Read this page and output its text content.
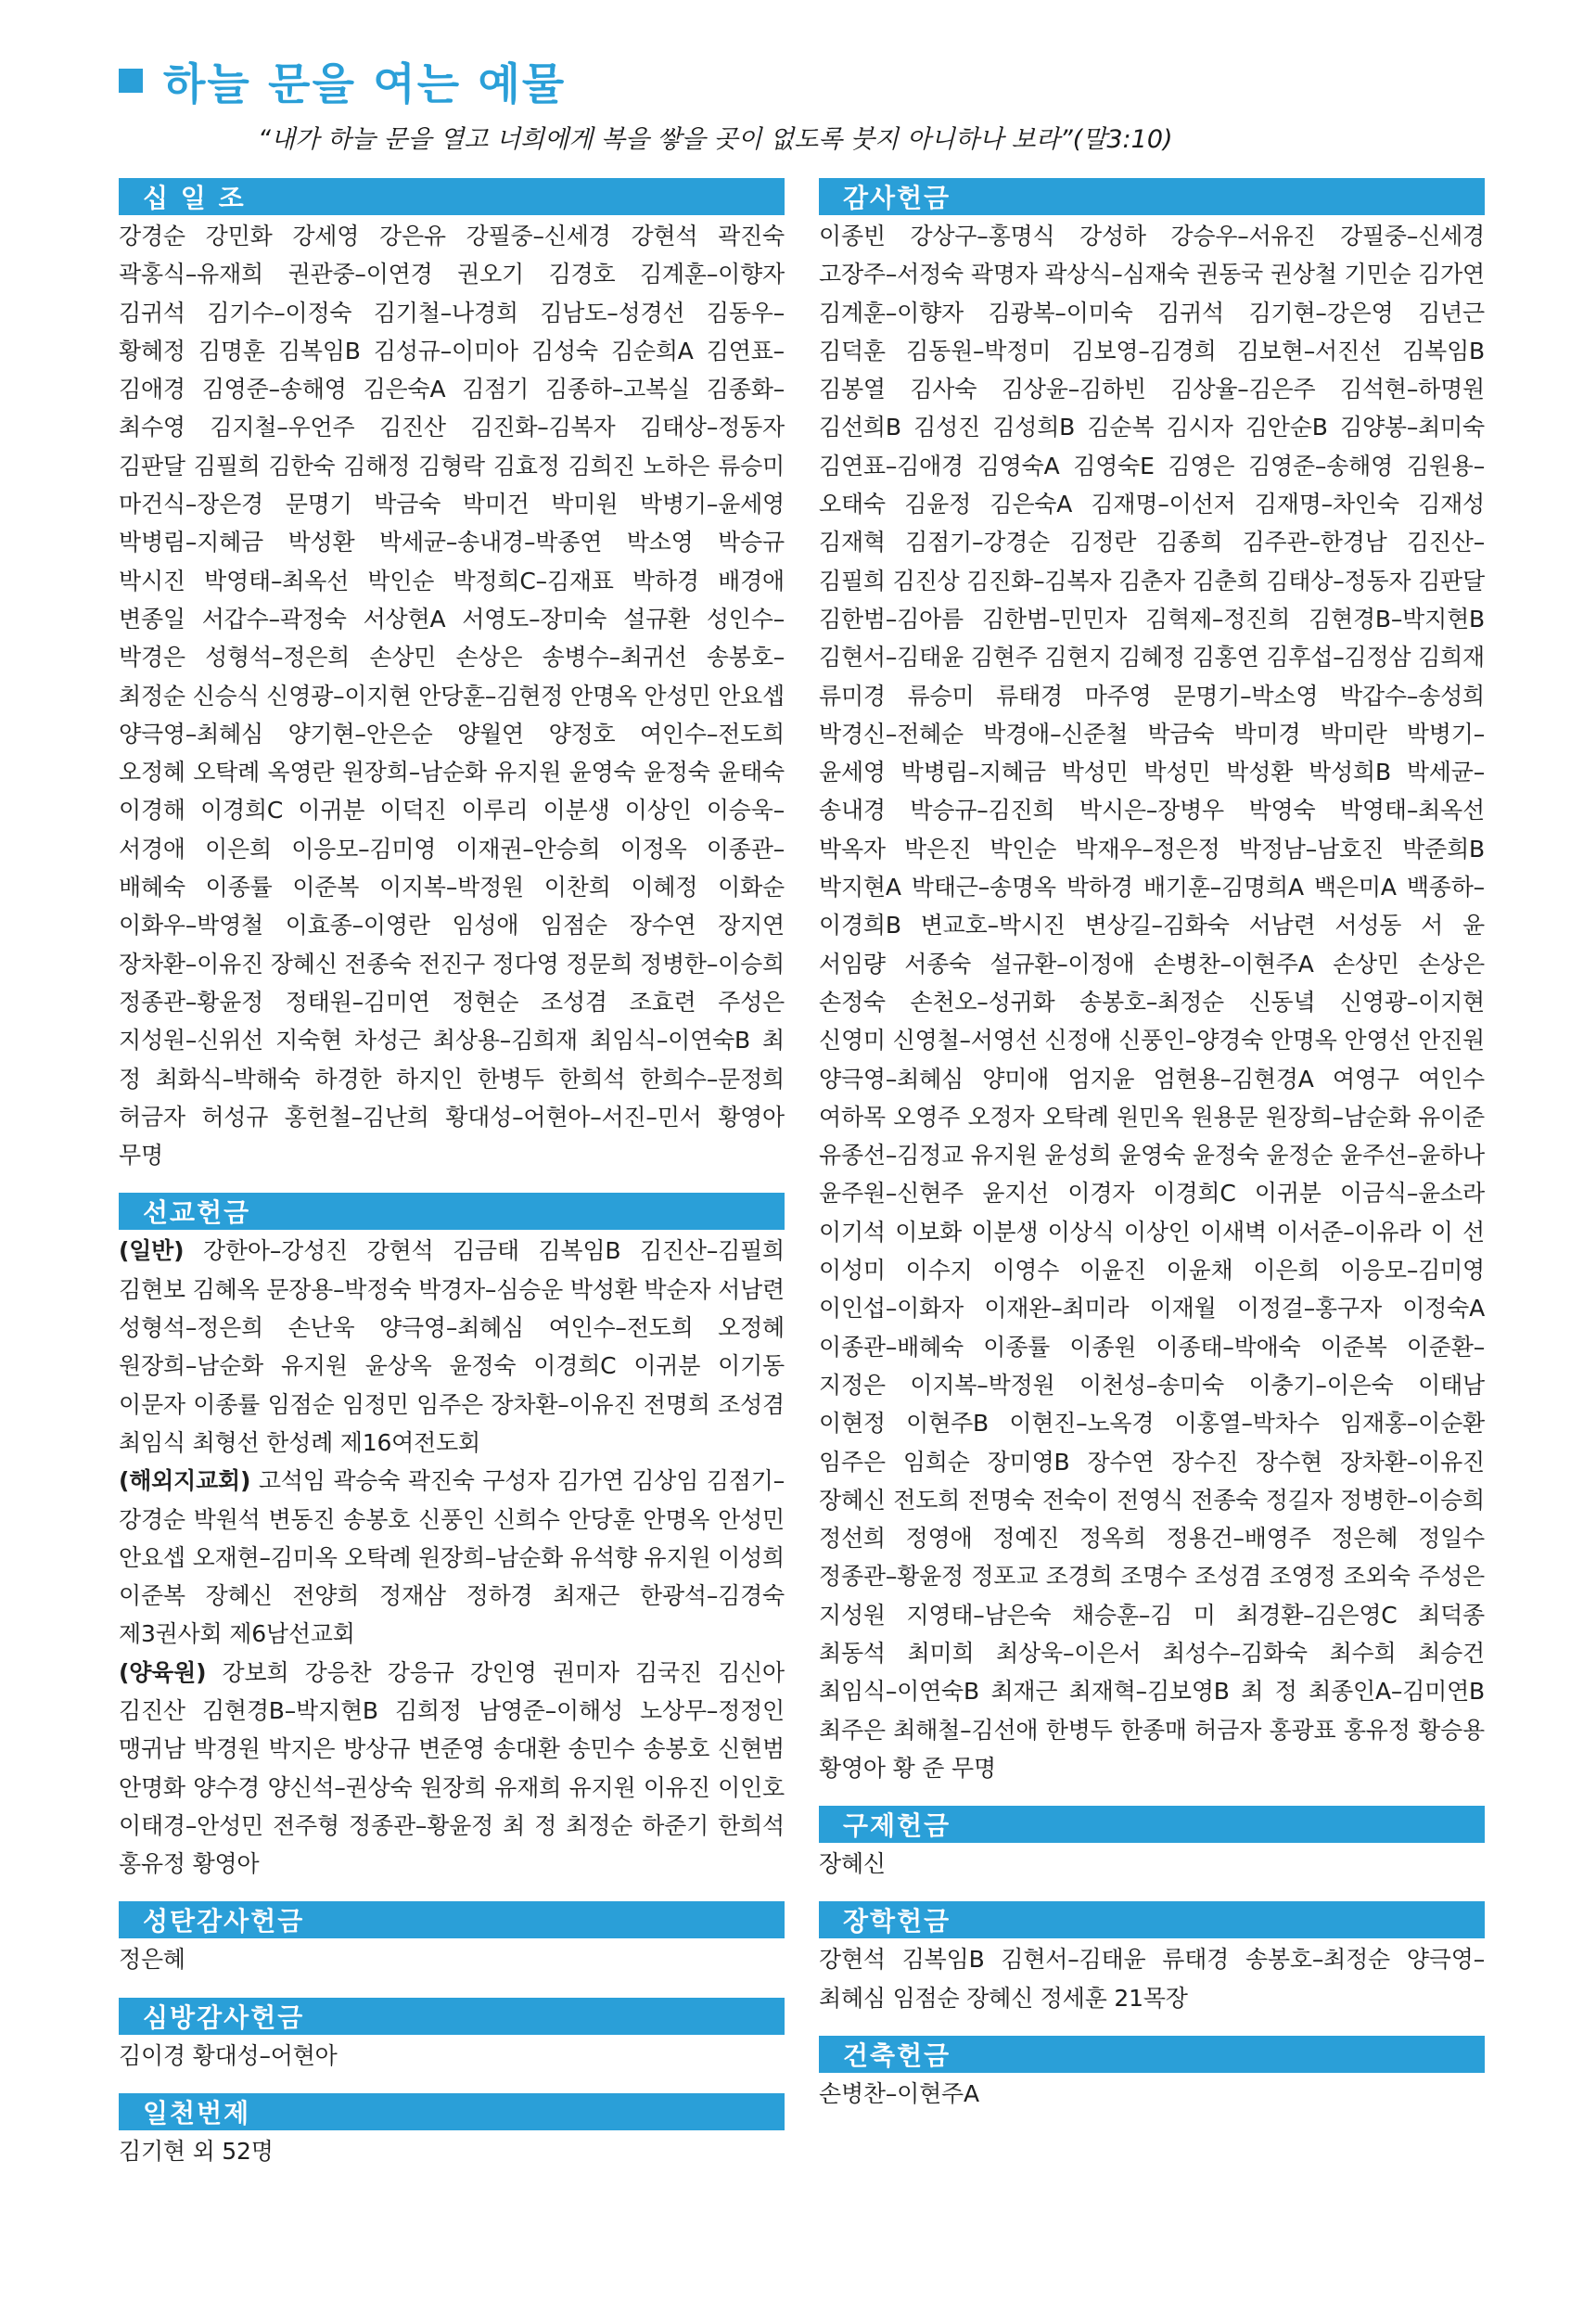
하늘 문을 여는 예물
“내가 하늘 문을 열고 너희에게 복을 쌓을 곳이 없도록 붓지 아니하나 보라”(말3:10)
십 일 조
강경순 강민화 강세영 강은유 강필중–신세경 강현석 곽진숙 곽홍식–유재희 권관중–이연경 권오기 김경호 김계훈–이향자 김귀석 김기수–이정숙 김기철–나경희 김남도–성경선 김동우–황혜정 김명훈 김복임B 김성규–이미아 김성숙 김순희A 김연표–김애경 김영준–송해영 김은숙A 김점기 김종하–고복실 김종화–최수영 김지철–우언주 김진산 김진화–김복자 김태상–정동자 김판달 김필희 김한숙 김해정 김형락 김효정 김희진 노하은 류승미 마건식–장은경 문명기 박금숙 박미건 박미원 박병기–윤세영 박병림–지혜금 박성환 박세균–송내경–박종연 박소영 박승규 박시진 박영태–최옥선 박인순 박정희C–김재표 박하경 배경애 변종일 서갑수–곽정숙 서상현A 서영도–장미숙 설규환 성인수–박경은 성형석–정은희 손상민 손상은 송병수–최귀선 송봉호–최정순 신승식 신영광–이지현 안당훈–김현정 안명옥 안성민 안요셉 양극영–최혜심 양기현–안은순 양월연 양정호 여인수–전도희 오정혜 오탁례 옥영란 원장희–남순화 유지원 윤영숙 윤정숙 윤태숙 이경해 이경희C 이귀분 이덕진 이루리 이분생 이상인 이승욱–서경애 이은희 이응모–김미영 이재권–안승희 이정옥 이종관–배혜숙 이종률 이준복 이지복–박정원 이찬희 이혜정 이화순 이화우–박영철 이효종–이영란 임성애 임점순 장수연 장지연 장차환–이유진 장혜신 전종숙 전진구 정다영 정문희 정병한–이승희 정종관–황윤정 정태원–김미연 정현순 조성겸 조효련 주성은 지성원–신위선 지숙현 차성근 최상용–김희재 최임식–이연숙B 최 정 최화식–박해숙 하경한 하지인 한병두 한희석 한희수–문정희 허금자 허성규 홍헌철–김난희 황대성–어현아–서진–민서 황영아 무명
선교헌금
(일반) 강한아–강성진 강현석 김금태 김복임B 김진산–김필희 김현보 김혜옥 문장용–박정숙 박경자–심승운 박성환 박순자 서남련 성형석–정은희 손난욱 양극영–최혜심 여인수–전도희 오정혜 원장희–남순화 유지원 윤상옥 윤정숙 이경희C 이귀분 이기동 이문자 이종률 임점순 임정민 임주은 장차환–이유진 전명희 조성겸 최임식 최형선 한성례 제16여전도회
(해외지교회) 고석임 곽승숙 곽진숙 구성자 김가연 김상임 김점기–강경순 박원석 변동진 송봉호 신풍인 신희수 안당훈 안명옥 안성민 안요셉 오재현–김미옥 오탁례 원장희–남순화 유석향 유지원 이성희 이준복 장혜신 전양희 정재삼 정하경 최재근 한광석–김경숙 제3권사회 제6남선교회
(양육원) 강보희 강응찬 강응규 강인영 권미자 김국진 김신아 김진산 김현경B–박지현B 김희정 남영준–이해성 노상무–정정인 맹귀남 박경원 박지은 방상규 변준영 송대환 송민수 송봉호 신현범 안명화 양수경 양신석–권상숙 원장희 유재희 유지원 이유진 이인호 이태경–안성민 전주형 정종관–황윤정 최 정 최정순 하준기 한희석 홍유정 황영아
성탄감사헌금
정은혜
심방감사헌금
김이경 황대성–어현아
일천번제
김기현 외 52명
감사헌금
이종빈 강상구–홍명식 강성하 강승우–서유진 강필중–신세경 고장주–서정숙 곽명자 곽상식–심재숙 권동국 권상철 기민순 김가연 김계훈–이향자 김광복–이미숙 김귀석 김기현–강은영 김년근 김덕훈 김동원–박정미 김보영–김경희 김보현–서진선 김복임B 김봉열 김사숙 김상윤–김하빈 김상율–김은주 김석현–하명원 김선희B 김성진 김성희B 김순복 김시자 김안순B 김양봉–최미숙 김연표–김애경 김영숙A 김영숙E 김영은 김영준–송해영 김원용–오태숙 김윤정 김은숙A 김재명–이선저 김재명–차인숙 김재성 김재혁 김점기–강경순 김정란 김종희 김주관–한경남 김진산–김필희 김진상 김진화–김복자 김춘자 김춘희 김태상–정동자 김판달 김한범–김아름 김한범–민민자 김혁제–정진희 김현경B–박지현B 김현서–김태윤 김현주 김현지 김혜정 김홍연 김후섭–김정삼 김희재 류미경 류승미 류태경 마주영 문명기–박소영 박갑수–송성희 박경신–전혜순 박경애–신준철 박금숙 박미경 박미란 박병기–윤세영 박병림–지혜금 박성민 박성민 박성환 박성희B 박세균–송내경 박승규–김진희 박시은–장병우 박영숙 박영태–최옥선 박옥자 박은진 박인순 박재우–정은정 박정남–남호진 박준희B 박지현A 박태근–송명옥 박하경 배기훈–김명희A 백은미A 백종하–이경희B 변교호–박시진 변상길–김화숙 서남련 서성동 서 윤 서임량 서종숙 설규환–이정애 손병찬–이현주A 손상민 손상은 손정숙 손천오–성귀화 송봉호–최정순 신동녘 신영광–이지현 신영미 신영철–서영선 신정애 신풍인–양경숙 안명옥 안영선 안진원 양극영–최혜심 양미애 엄지윤 엄현용–김현경A 여영구 여인수 여하목 오영주 오정자 오탁례 원민옥 원용문 원장희–남순화 유이준 유종선–김정교 유지원 윤성희 윤영숙 윤정숙 윤정순 윤주선–윤하나 윤주원–신현주 윤지선 이경자 이경희C 이귀분 이금식–윤소라 이기석 이보화 이분생 이상식 이상인 이새벽 이서준–이유라 이 선 이성미 이수지 이영수 이윤진 이윤채 이은희 이응모–김미영 이인섭–이화자 이재완–최미라 이재월 이정걸–홍구자 이정숙A 이종관–배혜숙 이종률 이종원 이종태–박애숙 이준복 이준환–지정은 이지복–박정원 이천성–송미숙 이충기–이은숙 이태남 이현정 이현주B 이현진–노옥경 이홍열–박차수 임재홍–이순환 임주은 임희순 장미영B 장수연 장수진 장수현 장차환–이유진 장혜신 전도희 전명숙 전숙이 전영식 전종숙 정길자 정병한–이승희 정선희 정영애 정예진 정옥희 정용건–배영주 정은혜 정일수 정종관–황윤정 정포교 조경희 조명수 조성겸 조영정 조외숙 주성은 지성원 지영태–남은숙 채승훈–김 미 최경환–김은영C 최덕종 최동석 최미희 최상욱–이은서 최성수–김화숙 최수희 최승건 최임식–이연숙B 최재근 최재혁–김보영B 최 정 최종인A–김미연B 최주은 최해철–김선애 한병두 한종매 허금자 홍광표 홍유정 황승용 황영아 황 준 무명
구제헌금
장혜신
장학헌금
강현석 김복임B 김현서–김태윤 류태경 송봉호–최정순 양극영–최혜심 임점순 장혜신 정세훈 21목장
건축헌금
손병찬–이현주A
